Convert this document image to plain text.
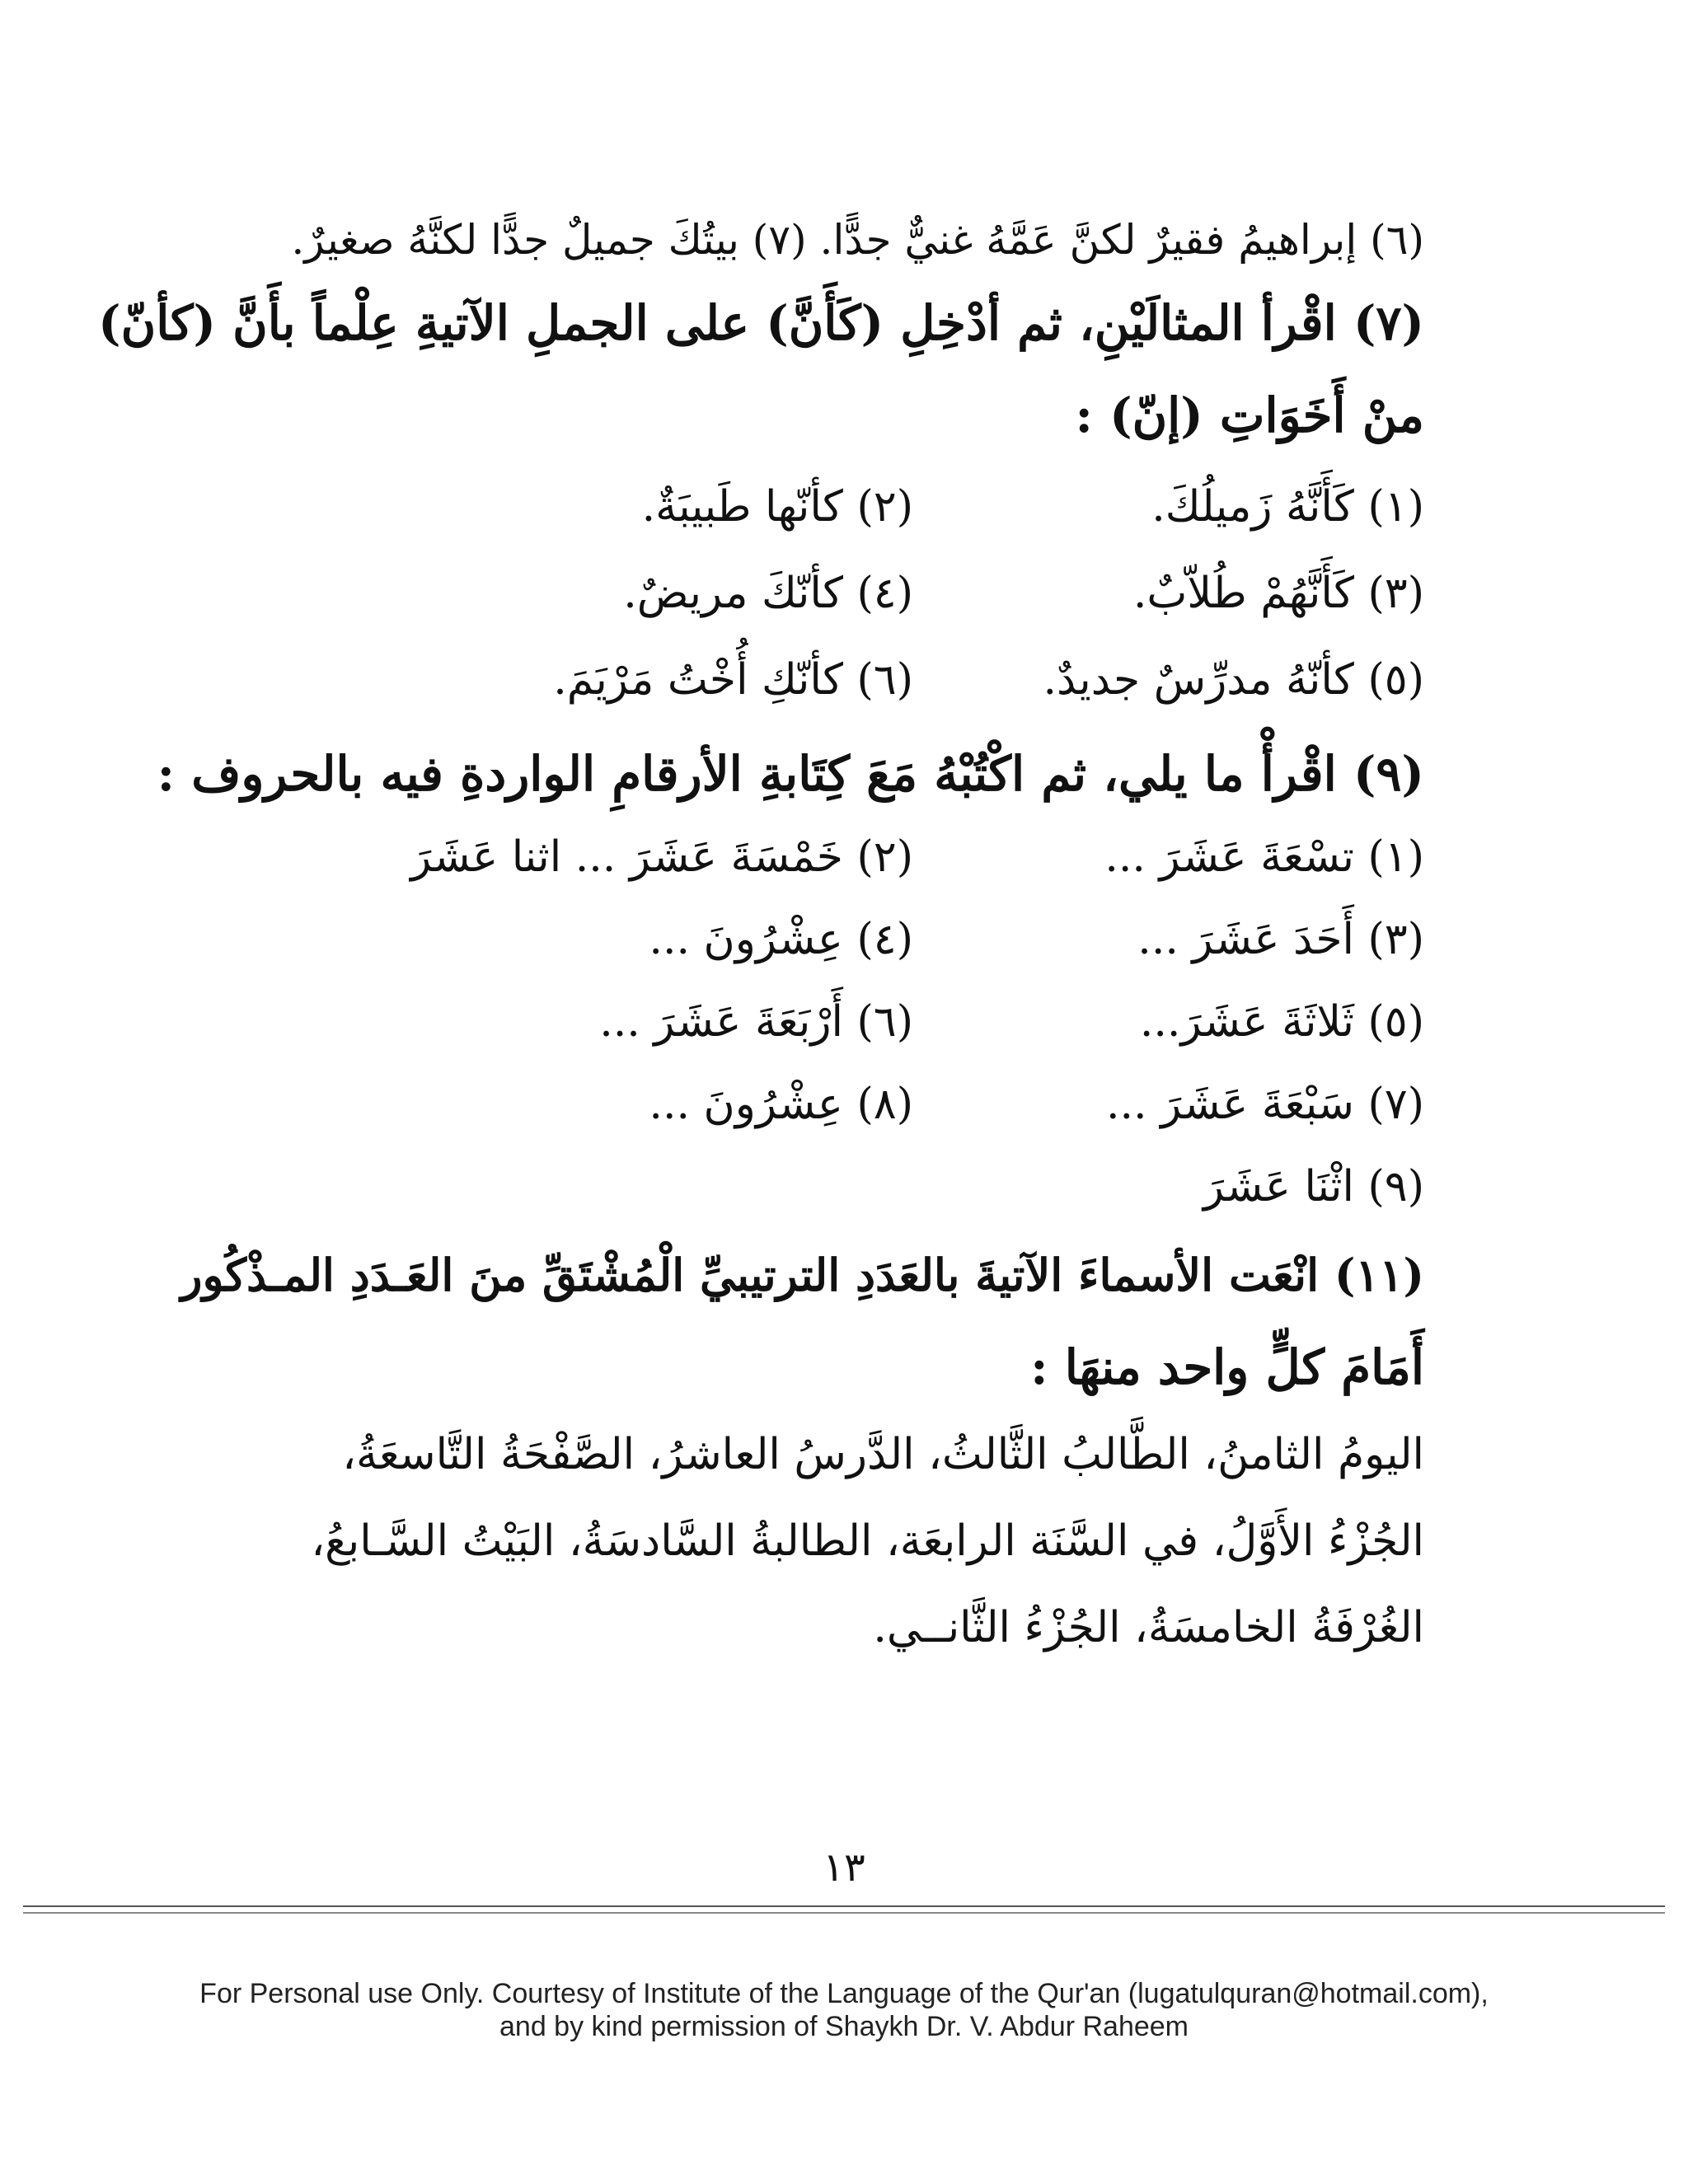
(٦) إبراهيمُ فقيرٌ لكنَّ عَمَّهُ غنيٌّ جدًّا. (٧) بيتُكَ جميلٌ جدًّا لكنَّهُ صغيرٌ.
(٧) اقْرأ المثالَيْنِ، ثم أدْخِلِ (كَأَنَّ) على الجملِ الآتيةِ عِلْماً بأَنَّ (كأنّ)
منْ أَخَوَاتِ (إنّ) :
(١) كَأَنَّهُ زَميلُكَ.
(٢) كأنّها طَبيبَةٌ.
(٣) كَأَنَّهُمْ طُلاّبٌ.
(٤) كأنّكَ مريضٌ.
(٥) كأنّهُ مدرِّسٌ جديدٌ.
(٦) كأنّكِ أُخْتُ مَرْيَمَ.
(٩) اقْرأْ ما يلي، ثم اكْتُبْهُ مَعَ كِتَابةِ الأرقامِ الواردةِ فيه بالحروف :
(١) تسْعَةَ عَشَرَ ...
(٢) خَمْسَةَ عَشَرَ ... اثنا عَشَرَ
(٣) أَحَدَ عَشَرَ ...
(٤) عِشْرُونَ ...
(٥) ثَلاثَةَ عَشَرَ...
(٦) أَرْبَعَةَ عَشَرَ ...
(٧) سَبْعَةَ عَشَرَ ...
(٨) عِشْرُونَ ...
(٩) اثْنَا عَشَرَ
(١١) انْعَت الأسماءَ الآتيةَ بالعَدَدِ الترتيبيِّ الْمُشْتَقِّ منَ العَـدَدِ المـذْكُور
أَمَامَ كلٍّ واحد منهَا :
اليومُ الثامنُ، الطَّالبُ الثَّالثُ، الدَّرسُ العاشرُ، الصَّفْحَةُ التَّاسعَةُ،
الجُزْءُ الأَوَّلُ، في السَّنَة الرابعَة، الطالبةُ السَّادسَةُ، البَيْتُ السَّـابعُ،
الغُرْفَةُ الخامسَةُ، الجُزْءُ الثَّانــي.
١٣
For Personal use Only. Courtesy of Institute of the Language of the Qur'an (lugatulquran@hotmail.com),
and by kind permission of Shaykh Dr. V. Abdur Raheem
